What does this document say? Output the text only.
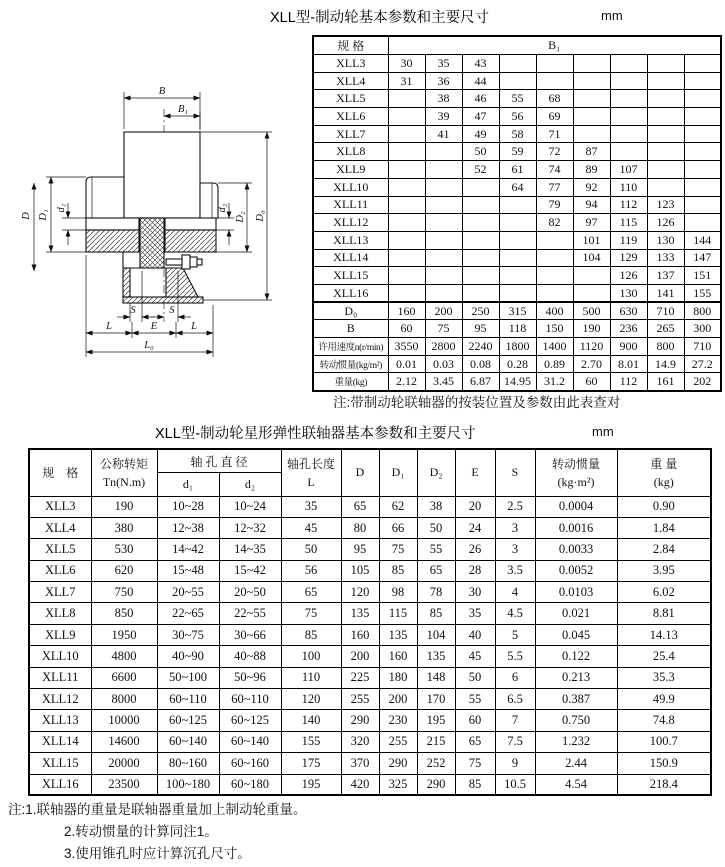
XLL型-制动轮基本参数和主要尺寸	mm
B
B₁
D D₁
d₁	d₂
D₂ D₀
S	S
L	E	L
L₀
规 格	B₁								
XLL3	30	35	43						
XLL4	31	36	44						
XLL5		38	46	55	68				
XLL6		39	47	56	69				
XLL7		41	49	58	71				
XLL8			50	59	72	87			
XLL9			52	61	74	89	107		
XLL10				64	77	92	110		
XLL11					79	94	112	123	
XLL12					82	97	115	126	
XLL13						101	119	130	144
XLL14						104	129	133	147
XLL15							126	137	151
XLL16							130	141	155
D₀	160	200	250	315	400	500	630	710	800
B	60	75	95	118	150	190	236	265	300
许用速度n(r/min)	3550	2800	2240	1800	1400	1120	900	800	710
转动惯量(kg/m²)	0.01	0.03	0.08	0.28	0.89	2.70	8.01	14.9	27.2
重量(kg)	2.12	3.45	6.87	14.95	31.2	60	112	161	202
注:带制动轮联轴器的按装位置及参数由此表查对
XLL型-制动轮星形弹性联轴器基本参数和主要尺寸	mm
规　格	
公称转矩
Tn(N.m)
	轴 孔 直 径	轴孔长度
L
	D	D₁	D₂	E	S	
转动惯量
(kg·m²)

重 量
(kg)

		d₁	d₂								
XLL3	190	10~28	10~24	35	65	62	38	20	2.5	0.0004	0.90
XLL4	380	12~38	12~32	45	80	66	50	24	3	0.0016	1.84
XLL5	530	14~42	14~35	50	95	75	55	26	3	0.0033	2.84
XLL6	620	15~48	15~42	56	105	85	65	28	3.5	0.0052	3.95
XLL7	750	20~55	20~50	65	120	98	78	30	4	0.0103	6.02
XLL8	850	22~65	22~55	75	135	115	85	35	4.5	0.021	8.81
XLL9	1950	30~75	30~66	85	160	135	104	40	5	0.045	14.13
XLL10	4800	40~90	40~88	100	200	160	135	45	5.5	0.122	25.4
XLL11	6600	50~100	50~96	110	225	180	148	50	6	0.213	35.3
XLL12	8000	60~110	60~110	120	255	200	170	55	6.5	0.387	49.9
XLL13	10000	60~125	60~125	140	290	230	195	60	7	0.750	74.8
XLL14	14600	60~140	60~140	155	320	255	215	65	7.5	1.232	100.7
XLL15	20000	80~160	60~160	175	370	290	252	75	9	2.44	150.9
XLL16	23500	100~180	60~180	195	420	325	290	85	10.5	4.54	218.4
注:1.联轴器的重量是联轴器重量加上制动轮重量。
2.转动惯量的计算同注1。
3.使用锥孔时应计算沉孔尺寸。
